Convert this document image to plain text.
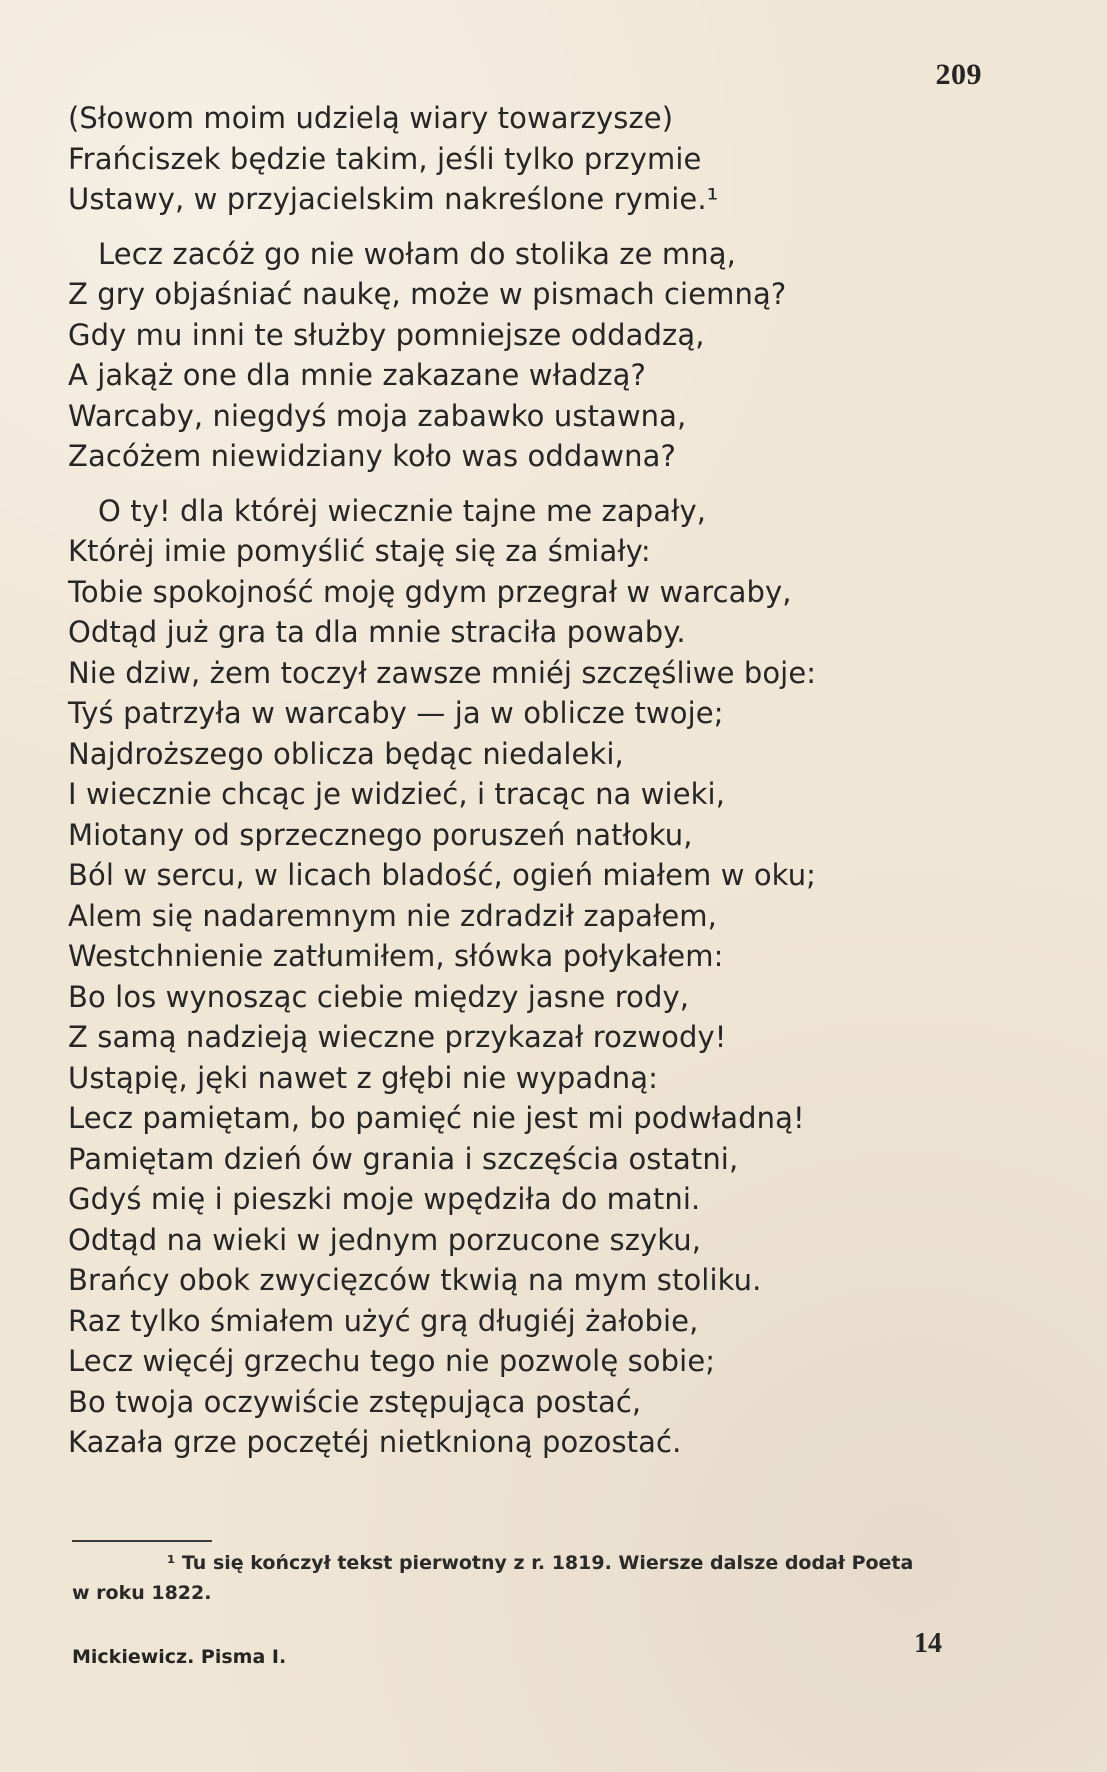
209
(Słowom moim udzielą wiary towarzysze)
Frańciszek będzie takim, jeśli tylko przymie
Ustawy, w przyjacielskim nakreślone rymie.¹
Lecz zacóż go nie wołam do stolika ze mną,
Z gry objaśniać naukę, może w pismach ciemną?
Gdy mu inni te służby pomniejsze oddadzą,
A jakąż one dla mnie zakazane władzą?
Warcaby, niegdyś moja zabawko ustawna,
Zacóżem niewidziany koło was oddawna?
O ty! dla którėj wiecznie tajne me zapały,
Którėj imie pomyślić staję się za śmiały:
Tobie spokojność moję gdym przegrał w warcaby,
Odtąd już gra ta dla mnie straciła powaby.
Nie dziw, żem toczył zawsze mniéj szczęśliwe boje:
Tyś patrzyła w warcaby — ja w oblicze twoje;
Najdroższego oblicza będąc niedaleki,
I wiecznie chcąc je widzieć, i tracąc na wieki,
Miotany od sprzecznego poruszeń natłoku,
Ból w sercu, w licach bladość, ogień miałem w oku;
Alem się nadaremnym nie zdradził zapałem,
Westchnienie zatłumiłem, słówka połykałem:
Bo los wynosząc ciebie między jasne rody,
Z samą nadzieją wieczne przykazał rozwody!
Ustąpię, jęki nawet z głębi nie wypadną:
Lecz pamiętam, bo pamięć nie jest mi podwładną!
Pamiętam dzień ów grania i szczęścia ostatni,
Gdyś mię i pieszki moje wpędziła do matni.
Odtąd na wieki w jednym porzucone szyku,
Brańcy obok zwycięzców tkwią na mym stoliku.
Raz tylko śmiałem użyć grą długiéj żałobie,
Lecz więcéj grzechu tego nie pozwolę sobie;
Bo twoja oczywiście zstępująca postać,
Kazała grze poczętéj nietknioną pozostać.
¹ Tu się kończył tekst pierwotny z r. 1819. Wiersze dalsze dodał Poeta
w roku 1822.
Mickiewicz. Pisma I.	14
